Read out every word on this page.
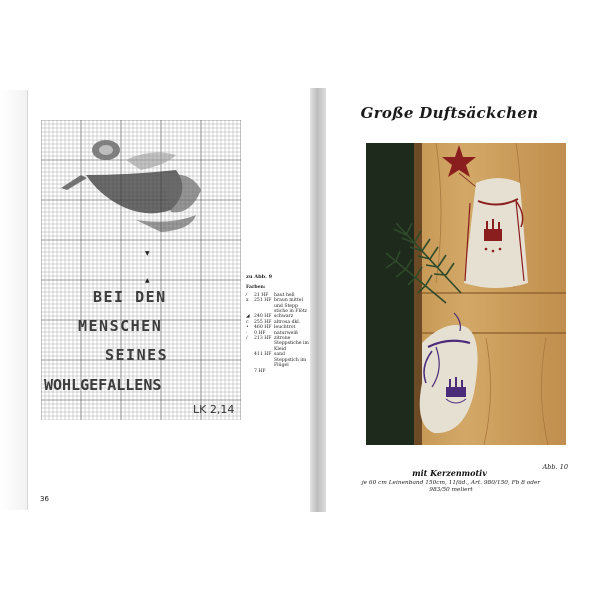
▼
▲
BEI DEN
MENSCHEN
SEINES
WOHLGEFALLENS
LK 2,14
zu Abb. 9
Farben:
⁄	21 HF	haut hell
x	251 HF braun mittel und Stepp stiche in Flötz
◢ 240 HF schwarz
c	255 HF altrosa dkl.
•	460 HF leuchtrot
·	0 HF	naturweiß
/	213 HF zitrone Steppstiche im Kleid
411 HF sand Steppstich im Flügel
7 HF
36
Große Duftsäckchen
Abb. 10
mit Kerzenmotiv
je 60 cm Leinenband 150cm, 11fäd., Art. 980/150, Fb 8 oder 983/50 meliert
